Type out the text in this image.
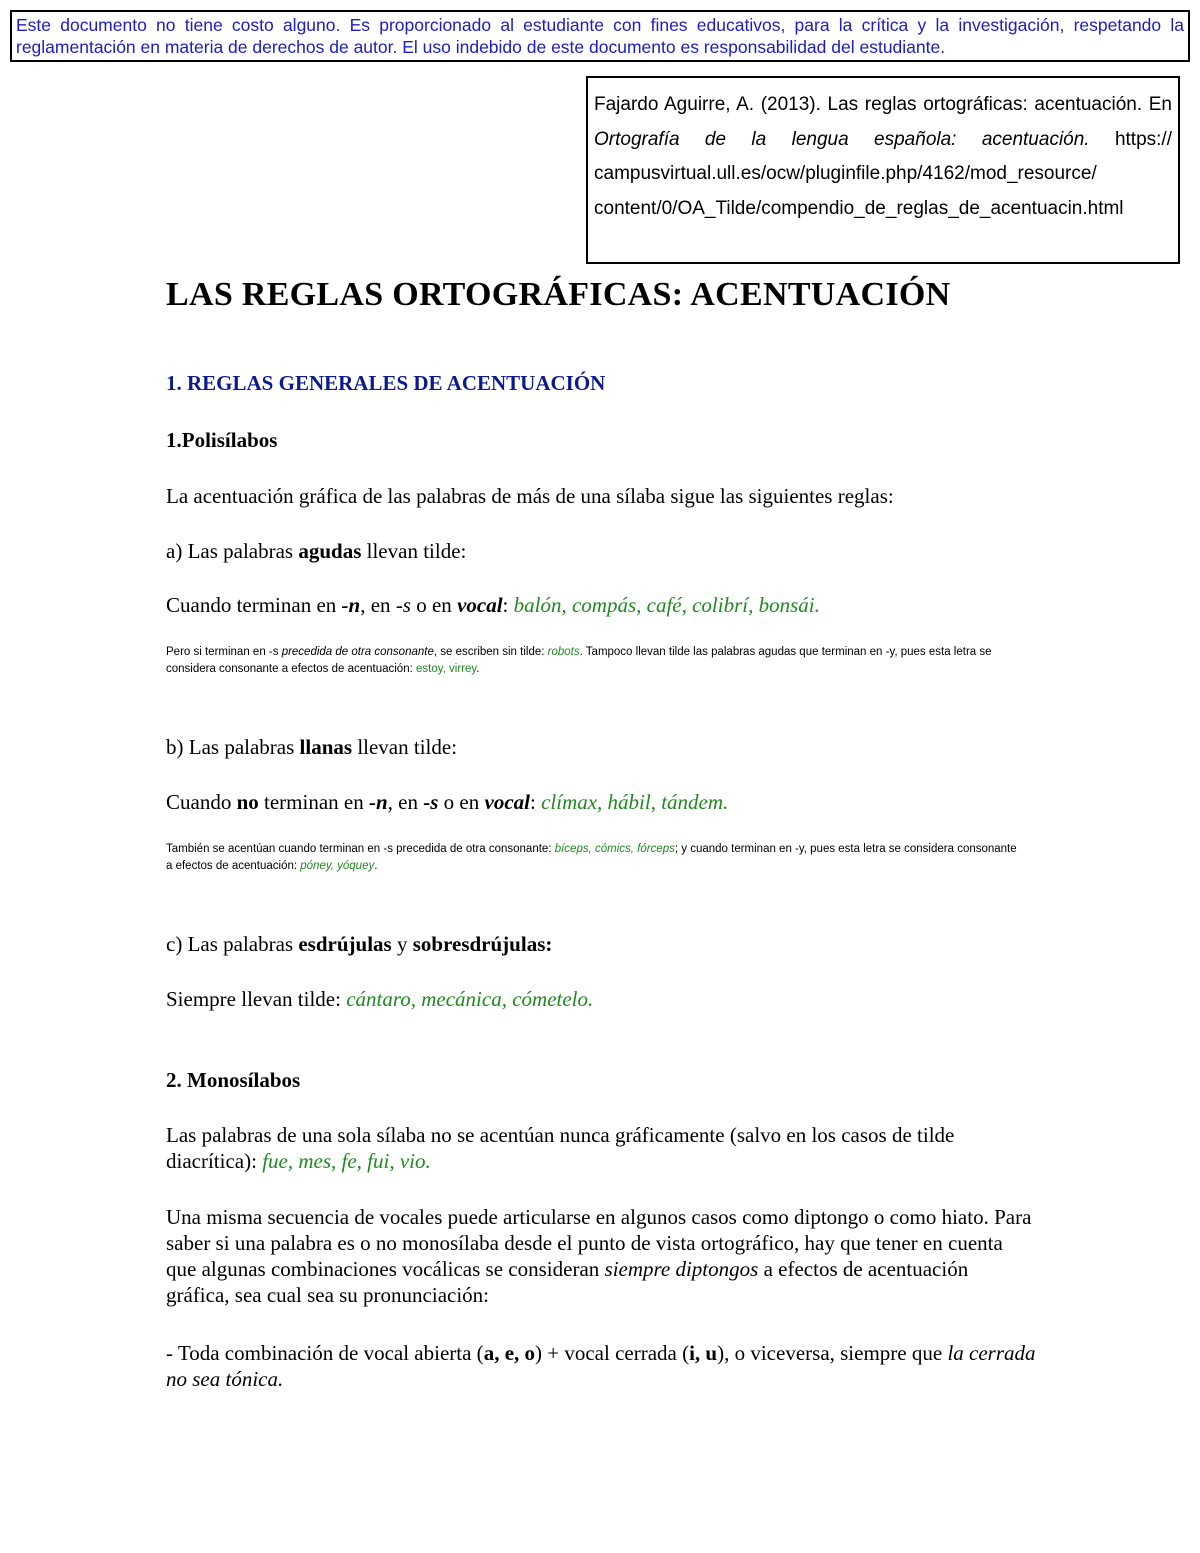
Este documento no tiene costo alguno. Es proporcionado al estudiante con fines educativos, para la crítica y la investigación, respetando la reglamentación en materia de derechos de autor. El uso indebido de este documento es responsabilidad del estudiante.
Fajardo Aguirre, A. (2013). Las reglas ortográficas: acentuación. En Ortografía de la lengua española: acentuación. https:// campusvirtual.ull.es/ocw/pluginfile.php/4162/mod_resource/ content/0/OA_Tilde/compendio_de_reglas_de_acentuacin.html
LAS REGLAS ORTOGRÁFICAS: ACENTUACIÓN
1. REGLAS GENERALES DE ACENTUACIÓN
1.Polisílabos
La acentuación gráfica de las palabras de más de una sílaba sigue las siguientes reglas:
a) Las palabras agudas llevan tilde:
Cuando terminan en -n, en -s o en vocal: balón, compás, café, colibrí, bonsái.
Pero si terminan en -s precedida de otra consonante, se escriben sin tilde: robots. Tampoco llevan tilde las palabras agudas que terminan en -y, pues esta letra se considera consonante a efectos de acentuación: estoy, virrey.
b) Las palabras llanas llevan tilde:
Cuando no terminan en -n, en -s o en vocal: clímax, hábil, tándem.
También se acentúan cuando terminan en -s precedida de otra consonante: bíceps, cómics, fórceps; y cuando terminan en -y, pues esta letra se considera consonante a efectos de acentuación: póney, yóquey.
c) Las palabras esdrújulas y sobresdrújulas:
Siempre llevan tilde: cántaro, mecánica, cómetelo.
2. Monosílabos
Las palabras de una sola sílaba no se acentúan nunca gráficamente (salvo en los casos de tilde diacrítica): fue, mes, fe, fui, vio.
Una misma secuencia de vocales puede articularse en algunos casos como diptongo o como hiato. Para saber si una palabra es o no monosílaba desde el punto de vista ortográfico, hay que tener en cuenta que algunas combinaciones vocálicas se consideran siempre diptongos a efectos de acentuación gráfica, sea cual sea su pronunciación:
- Toda combinación de vocal abierta (a, e, o) + vocal cerrada (i, u), o viceversa, siempre que la cerrada no sea tónica.
